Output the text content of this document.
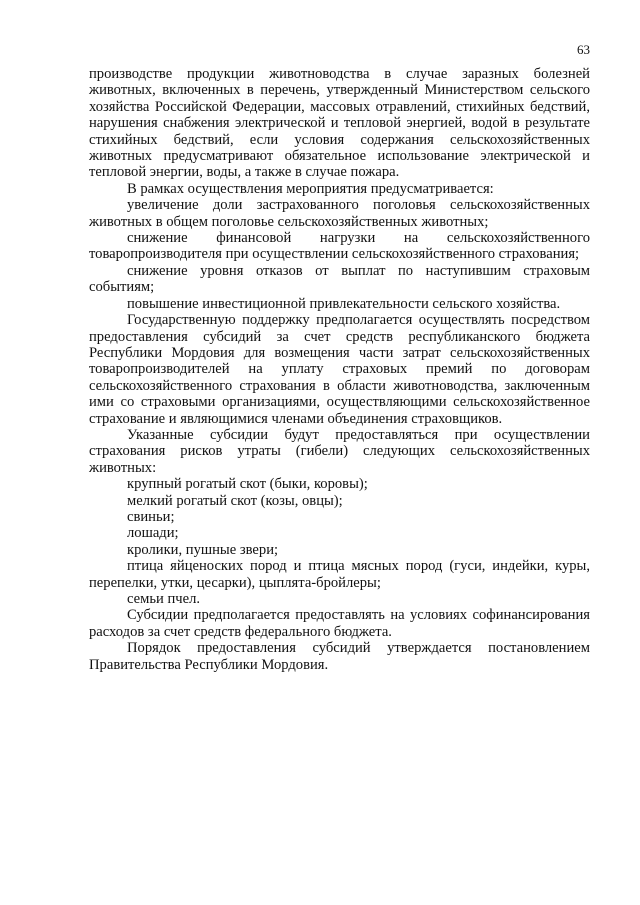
63

производстве продукции животноводства в случае заразных болезней животных, включенных в перечень, утвержденный Министерством сельского хозяйства Российской Федерации, массовых отравлений, стихийных бедствий, нарушения снабжения электрической и тепловой энергией, водой в результате стихийных бедствий, если условия содержания сельскохозяйственных животных предусматривают обязательное использование электрической и тепловой энергии, воды, а также в случае пожара.

В рамках осуществления мероприятия предусматривается:

увеличение доли застрахованного поголовья сельскохозяйственных животных в общем поголовье сельскохозяйственных животных;

снижение финансовой нагрузки на сельскохозяйственного товаропроизводителя при осуществлении сельскохозяйственного страхования;

снижение уровня отказов от выплат по наступившим страховым событиям;

повышение инвестиционной привлекательности сельского хозяйства.

Государственную поддержку предполагается осуществлять посредством предоставления субсидий за счет средств республиканского бюджета Республики Мордовия для возмещения части затрат сельскохозяйственных товаропроизводителей на уплату страховых премий по договорам сельскохозяйственного страхования в области животноводства, заключенным ими со страховыми организациями, осуществляющими сельскохозяйственное страхование и являющимися членами объединения страховщиков.

Указанные субсидии будут предоставляться при осуществлении страхования рисков утраты (гибели) следующих сельскохозяйственных животных:

крупный рогатый скот (быки, коровы);

мелкий рогатый скот (козы, овцы);

свиньи;

лошади;

кролики, пушные звери;

птица яйценоских пород и птица мясных пород (гуси, индейки, куры, перепелки, утки, цесарки), цыплята-бройлеры;

семьи пчел.

Субсидии предполагается предоставлять на условиях софинансирования расходов за счет средств федерального бюджета.

Порядок предоставления субсидий утверждается постановлением Правительства Республики Мордовия.
